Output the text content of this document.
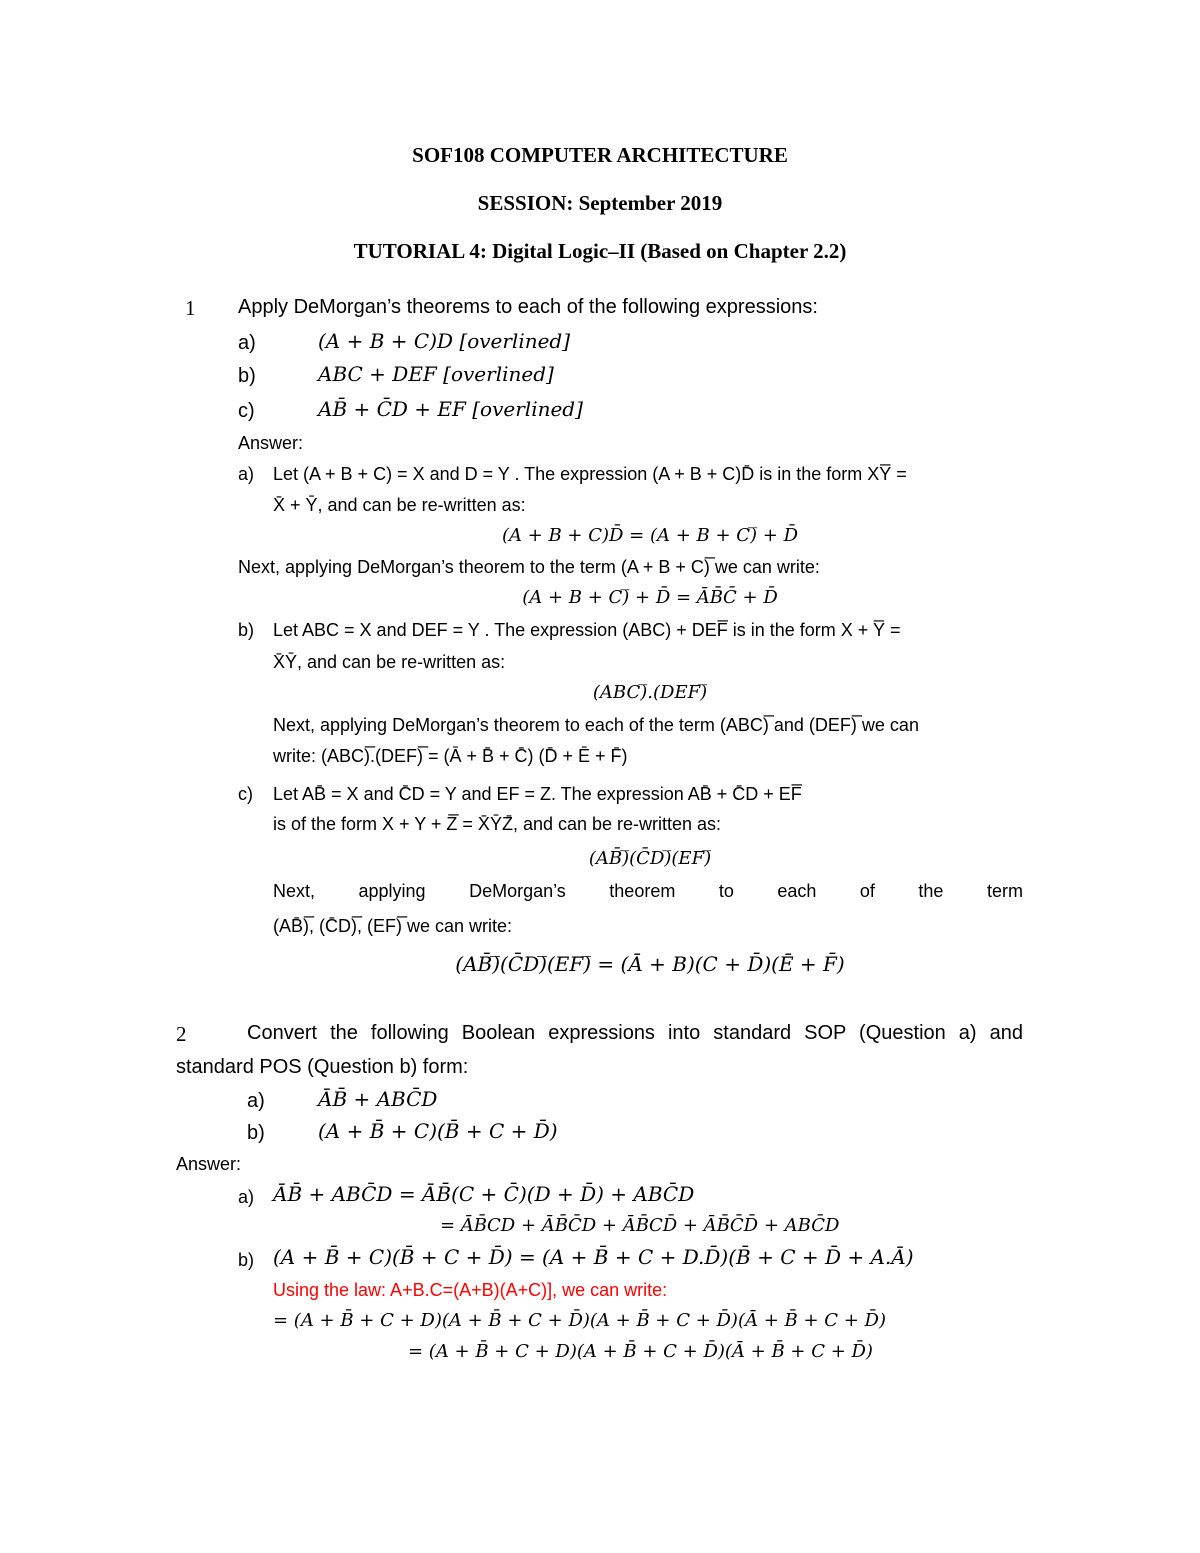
SOF108 COMPUTER ARCHITECTURE
SESSION: September 2019
TUTORIAL 4: Digital Logic–II (Based on Chapter 2.2)
1 Apply DeMorgan’s theorems to each of the following expressions:
a)	(A + B + C)D [overlined]
b)	ABC + DEF [overlined]
c)	AB̄ + C̄D + EF [overlined]
Answer:
a) Let (A + B + C) = X and D = Y . The expression (A + B + C)D̄ is in the form XY̅ =
X̄ + Ȳ, and can be re-written as:
(A + B + C)D̄ = (A + B + C)̅ + D̄
Next, applying DeMorgan’s theorem to the term (A + B + C)̅ we can write:
(A + B + C)̅ + D̄ = ĀB̄C̄ + D̄
b) Let ABC = X and DEF = Y . The expression (ABC) + DEF̅ is in the form X + Y̅ =
X̄Ȳ, and can be re-written as:
(ABC)̅.(DEF)̅
Next, applying DeMorgan’s theorem to each of the term (ABC)̅ and (DEF)̅ we can
write: (ABC)̅.(DEF)̅ = (Ā + B̄ + C̄) (D̄ + Ē + F̄)
c) Let AB̄ = X and C̄D = Y and EF = Z. The expression AB̄ + C̄D + EF̅
is of the form X + Y + Z̅ = X̄ȲZ̄, and can be re-written as:
(AB̄)̅(C̄D)̅(EF)̅
Next, applying DeMorgan’s theorem to each of the term
(AB̄)̅, (C̄D)̅, (EF)̅ we can write:
(AB̄)̅(C̄D)̅(EF)̅ = (Ā + B)(C + D̄)(Ē + F̄)
2	Convert the following Boolean expressions into standard SOP (Question a) and
standard POS (Question b) form:
a)	ĀB̄ + ABC̄D
b)	(A + B̄ + C)(B̄ + C + D̄)
Answer:
a) ĀB̄ + ABC̄D = ĀB̄(C + C̄)(D + D̄) + ABC̄D
= ĀB̄CD + ĀB̄C̄D + ĀB̄CD̄ + ĀB̄C̄D̄ + ABC̄D
b) (A + B̄ + C)(B̄ + C + D̄) = (A + B̄ + C + D.D̄)(B̄ + C + D̄ + A.Ā)
Using the law: A+B.C=(A+B)(A+C)], we can write:
= (A + B̄ + C + D)(A + B̄ + C + D̄)(A + B̄ + C + D̄)(Ā + B̄ + C + D̄)
= (A + B̄ + C + D)(A + B̄ + C + D̄)(Ā + B̄ + C + D̄)
